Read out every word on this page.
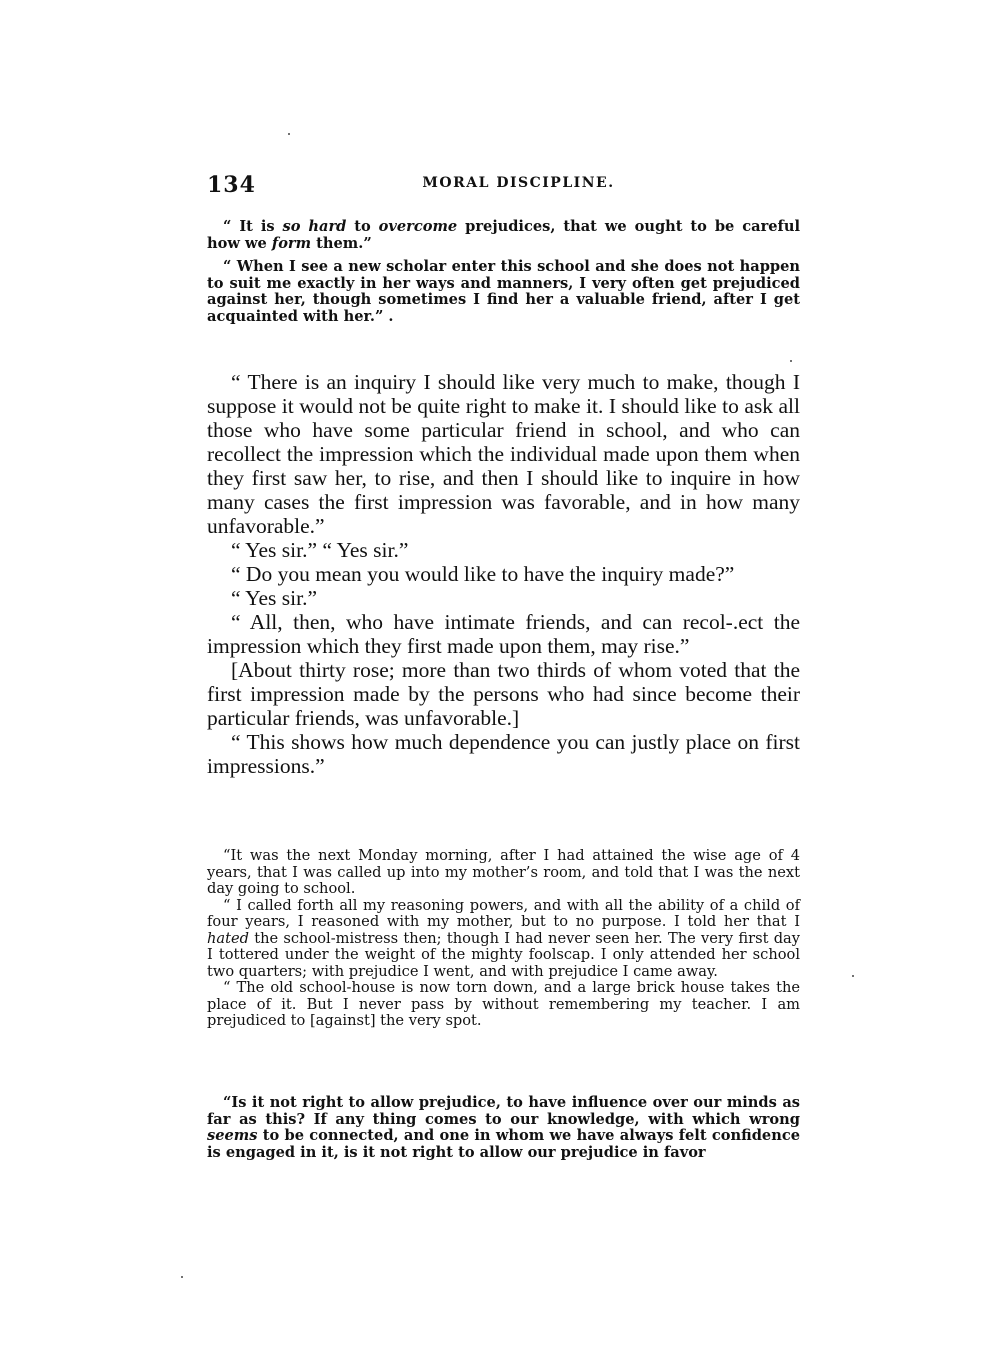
134	MORAL DISCIPLINE.

“ It is so hard to overcome prejudices, that we ought to be careful how we form them.”

“ When I see a new scholar enter this school and she does not happen to suit me exactly in her ways and manners, I very often get prejudiced against her, though sometimes I find her a valuable friend, after I get acquainted with her.” .

“ There is an inquiry I should like very much to make, though I suppose it would not be quite right to make it. I should like to ask all those who have some particular friend in school, and who can recollect the impression which the individual made upon them when they first saw her, to rise, and then I should like to inquire in how many cases the first impression was favorable, and in how many unfavorable.”

“ Yes sir.” “ Yes sir.”

“ Do you mean you would like to have the inquiry made?”

“ Yes sir.”

“ All, then, who have intimate friends, and can recol-.ect the impression which they first made upon them, may rise.”

[About thirty rose; more than two thirds of whom voted that the first impression made by the persons who had since become their particular friends, was unfavorable.]

“ This shows how much dependence you can justly place on first impressions.”

“It was the next Monday morning, after I had attained the wise age of 4 years, that I was called up into my mother’s room, and told that I was the next day going to school.

“ I called forth all my reasoning powers, and with all the ability of a child of four years, I reasoned with my mother, but to no purpose. I told her that I hated the school-mistress then; though I had never seen her. The very first day I tottered under the weight of the mighty foolscap. I only attended her school two quarters; with prejudice I went, and with prejudice I came away.

“ The old school-house is now torn down, and a large brick house takes the place of it. But I never pass by without remembering my teacher. I am prejudiced to [against] the very spot.

“Is it not right to allow prejudice, to have influence over our minds as far as this? If any thing comes to our knowledge, with which wrong seems to be connected, and one in whom we have always felt confidence is engaged in it, is it not right to allow our prejudice in favor
